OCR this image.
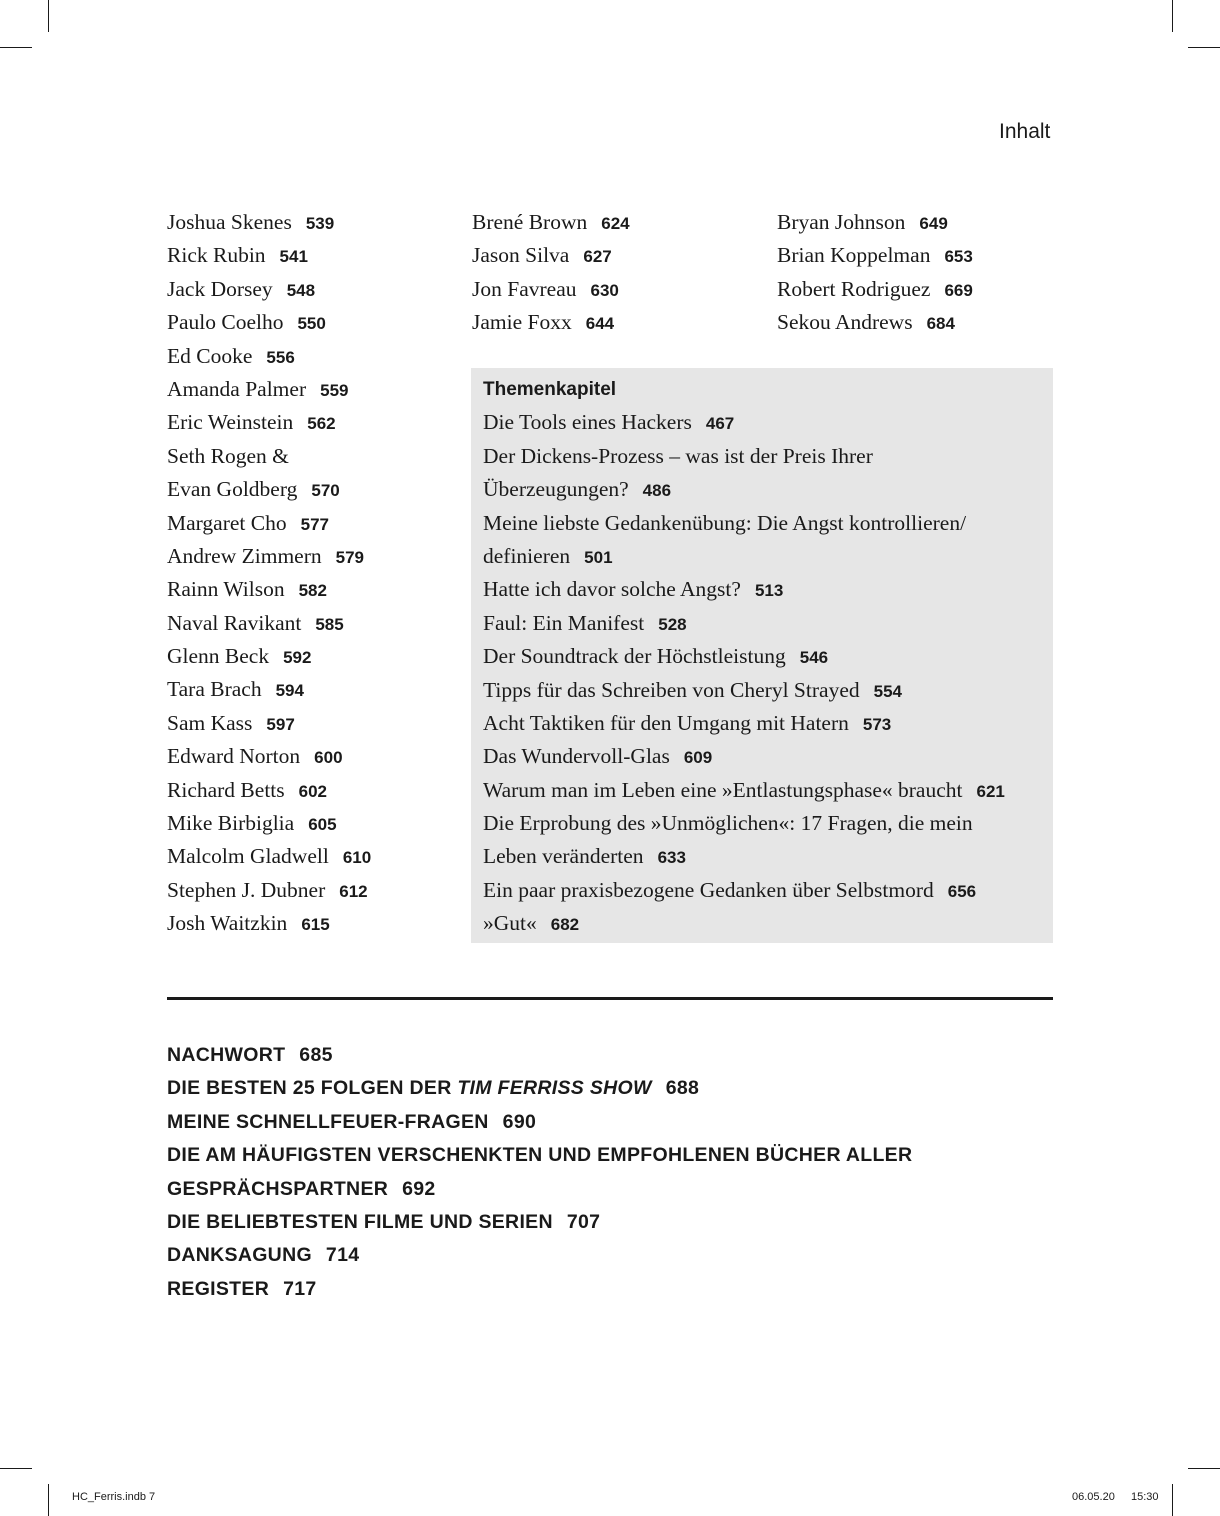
Inhalt
Joshua Skenes 539
Rick Rubin 541
Jack Dorsey 548
Paulo Coelho 550
Ed Cooke 556
Amanda Palmer 559
Eric Weinstein 562
Seth Rogen &
Evan Goldberg 570
Margaret Cho 577
Andrew Zimmern 579
Rainn Wilson 582
Naval Ravikant 585
Glenn Beck 592
Tara Brach 594
Sam Kass 597
Edward Norton 600
Richard Betts 602
Mike Birbiglia 605
Malcolm Gladwell 610
Stephen J. Dubner 612
Josh Waitzkin 615
Brené Brown 624
Jason Silva 627
Jon Favreau 630
Jamie Foxx 644
Bryan Johnson 649
Brian Koppelman 653
Robert Rodriguez 669
Sekou Andrews 684
Themenkapitel
Die Tools eines Hackers 467
Der Dickens-Prozess – was ist der Preis Ihrer
Überzeugungen? 486
Meine liebste Gedankenübung: Die Angst kontrollieren/
definieren 501
Hatte ich davor solche Angst? 513
Faul: Ein Manifest 528
Der Soundtrack der Höchstleistung 546
Tipps für das Schreiben von Cheryl Strayed 554
Acht Taktiken für den Umgang mit Hatern 573
Das Wundervoll-Glas 609
Warum man im Leben eine »Entlastungsphase« braucht 621
Die Erprobung des »Unmöglichen«: 17 Fragen, die mein
Leben veränderten 633
Ein paar praxisbezogene Gedanken über Selbstmord 656
»Gut« 682
NACHWORT 685
DIE BESTEN 25 FOLGEN DER TIM FERRISS SHOW 688
MEINE SCHNELLFEUER-FRAGEN 690
DIE AM HÄUFIGSTEN VERSCHENKTEN UND EMPFOHLENEN BÜCHER ALLER
GESPRÄCHSPARTNER 692
DIE BELIEBTESTEN FILME UND SERIEN 707
DANKSAGUNG 714
REGISTER 717
HC_Ferris.indb 7	06.05.20 15:30
